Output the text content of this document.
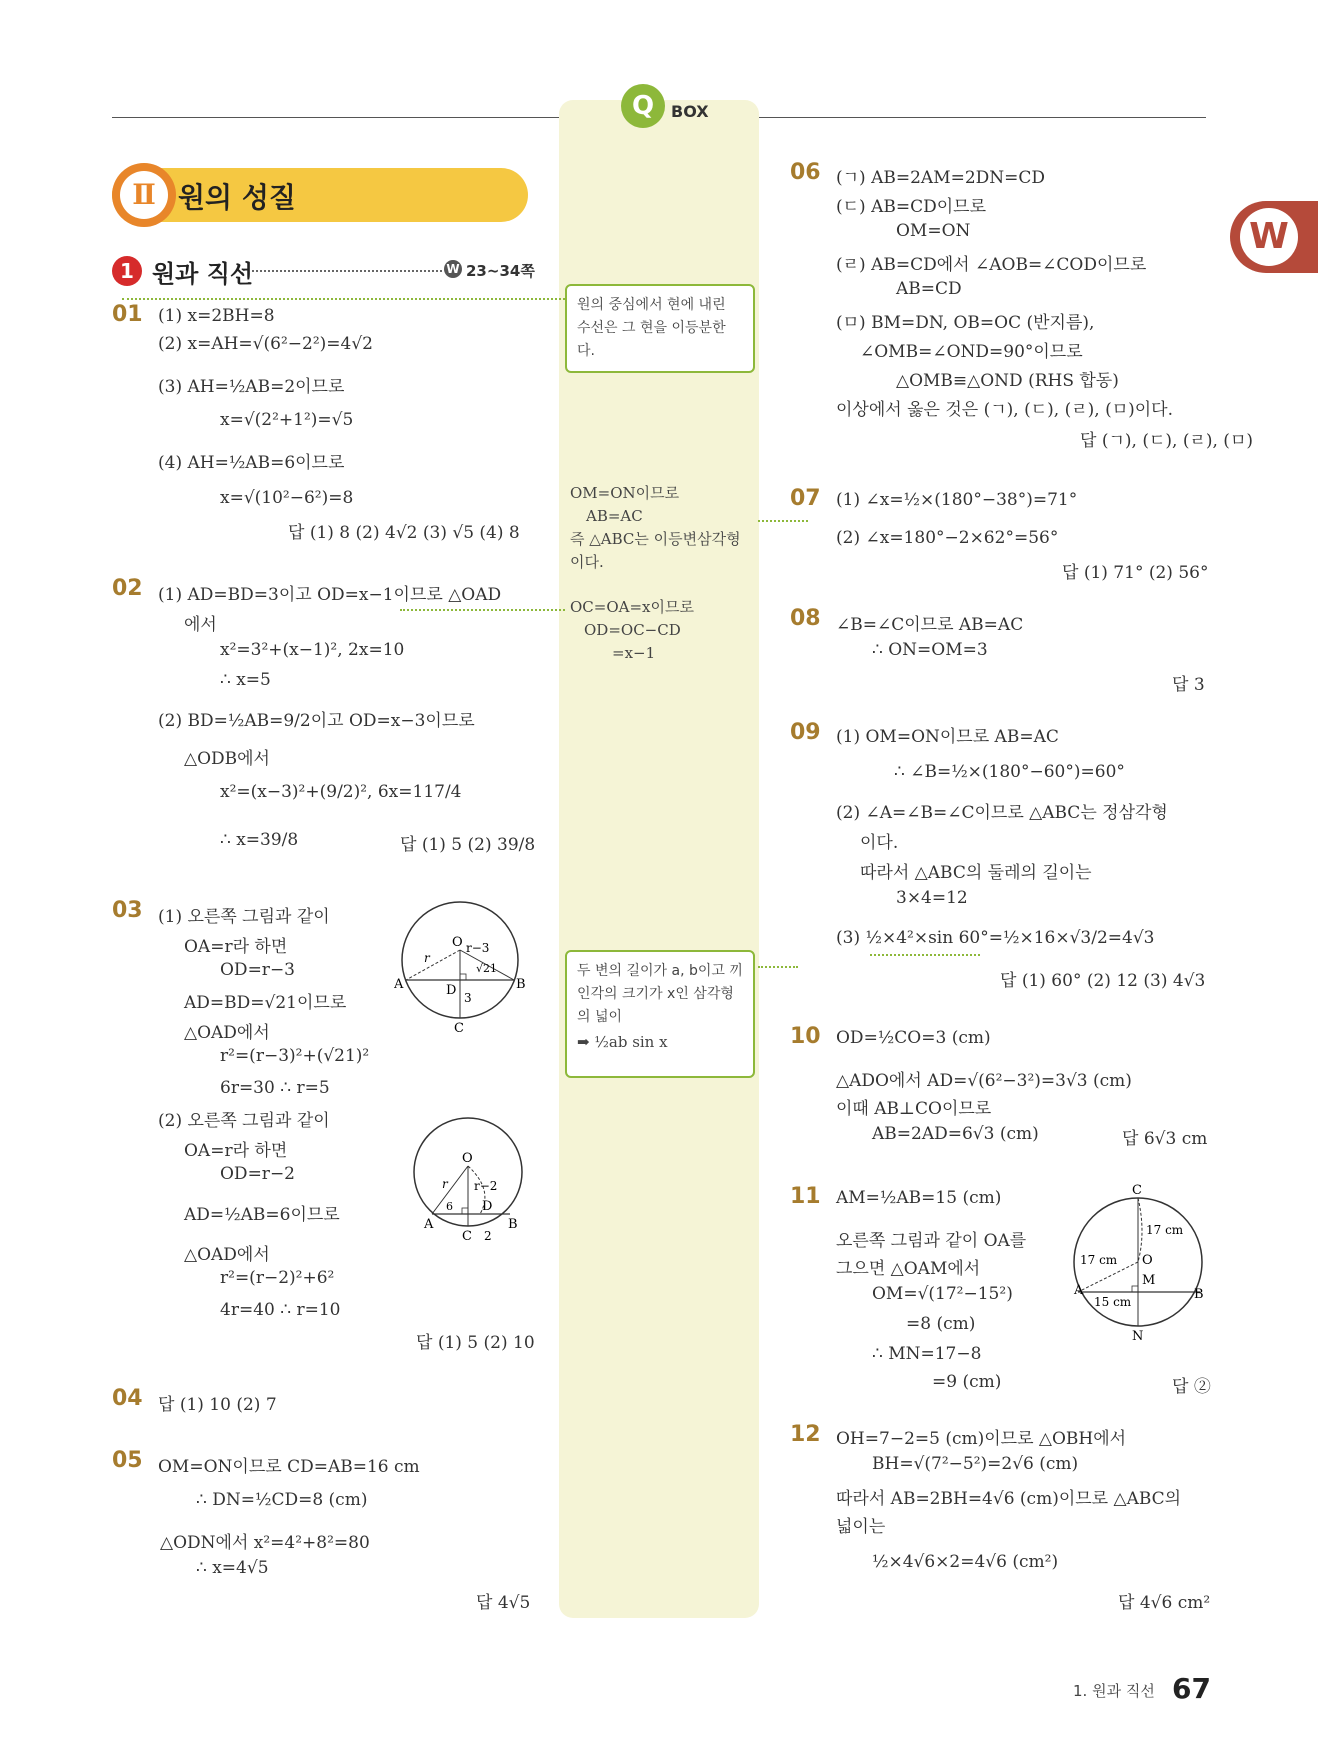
Q	BOX
W
Ⅱ 원의 성질
1 원과 직선	W 23~34쪽
01 (1) x=2BH=8
(2) x=AH=√(6²−2²)=4√2
(3) AH=½AB=2이므로
x=√(2²+1²)=√5
(4) AH=½AB=6이므로
x=√(10²−6²)=8
답 (1) 8 (2) 4√2 (3) √5 (4) 8
02 (1) AD=BD=3이고 OD=x−1이므로 △OAD
에서
x²=3²+(x−1)², 2x=10
∴ x=5
(2) BD=½AB=9/2이고 OD=x−3이므로
△ODB에서
x²=(x−3)²+(9/2)², 6x=117/4
∴ x=39/8	답 (1) 5 (2) 39/8
03 (1) 오른쪽 그림과 같이
OA=r라 하면
OD=r−3
AD=BD=√21이므로
△OAD에서
r²=(r−3)²+(√21)²
6r=30 ∴ r=5
(2) 오른쪽 그림과 같이
OA=r라 하면
OD=r−2
AD=½AB=6이므로
△OAD에서
r²=(r−2)²+6²
4r=40 ∴ r=10
답 (1) 5 (2) 10
O
r
r−3
√21
A	D	B
3
C
O
r r−2
A
6 D
B
C 2
04 답 (1) 10 (2) 7
05 OM=ON이므로 CD=AB=16 cm
∴ DN=½CD=8 (cm)
△ODN에서 x²=4²+8²=80
∴ x=4√5
답 4√5
원의 중심에서 현에 내린 수선은 그 현을 이등분한다.
OM=ON이므로
AB=AC
즉 △ABC는 이등변삼각형
이다.
OC=OA=x이므로
OD=OC−CD
=x−1
두 변의 길이가 a, b이고 끼인각의 크기가 x인 삼각형의 넓이
➡ ½ab sin x
06 (ㄱ) AB=2AM=2DN=CD
(ㄷ) AB=CD이므로
OM=ON
(ㄹ) AB=CD에서 ∠AOB=∠COD이므로
AB=CD
(ㅁ) BM=DN, OB=OC (반지름),
∠OMB=∠OND=90°이므로
△OMB≡△OND (RHS 합동)
이상에서 옳은 것은 (ㄱ), (ㄷ), (ㄹ), (ㅁ)이다.
답 (ㄱ), (ㄷ), (ㄹ), (ㅁ)
07 (1) ∠x=½×(180°−38°)=71°
(2) ∠x=180°−2×62°=56°
답 (1) 71° (2) 56°
08 ∠B=∠C이므로 AB=AC
∴ ON=OM=3
답 3
09 (1) OM=ON이므로 AB=AC
∴ ∠B=½×(180°−60°)=60°
(2) ∠A=∠B=∠C이므로 △ABC는 정삼각형
이다.
따라서 △ABC의 둘레의 길이는
3×4=12
(3) ½×4²×sin 60°=½×16×√3/2=4√3
답 (1) 60° (2) 12 (3) 4√3
10 OD=½CO=3 (cm)
△ADO에서 AD=√(6²−3²)=3√3 (cm)
이때 AB⊥CO이므로
AB=2AD=6√3 (cm)	답 6√3 cm
11 AM=½AB=15 (cm)
오른쪽 그림과 같이 OA를
그으면 △OAM에서
OM=√(17²−15²)
=8 (cm)
∴ MN=17−8
=9 (cm)	답 ②
C
17 cm
O
17 cm
M
A
15 cm	B
N
12 OH=7−2=5 (cm)이므로 △OBH에서
BH=√(7²−5²)=2√6 (cm)
따라서 AB=2BH=4√6 (cm)이므로 △ABC의
넓이는
½×4√6×2=4√6 (cm²)
답 4√6 cm²
1. 원과 직선 67
